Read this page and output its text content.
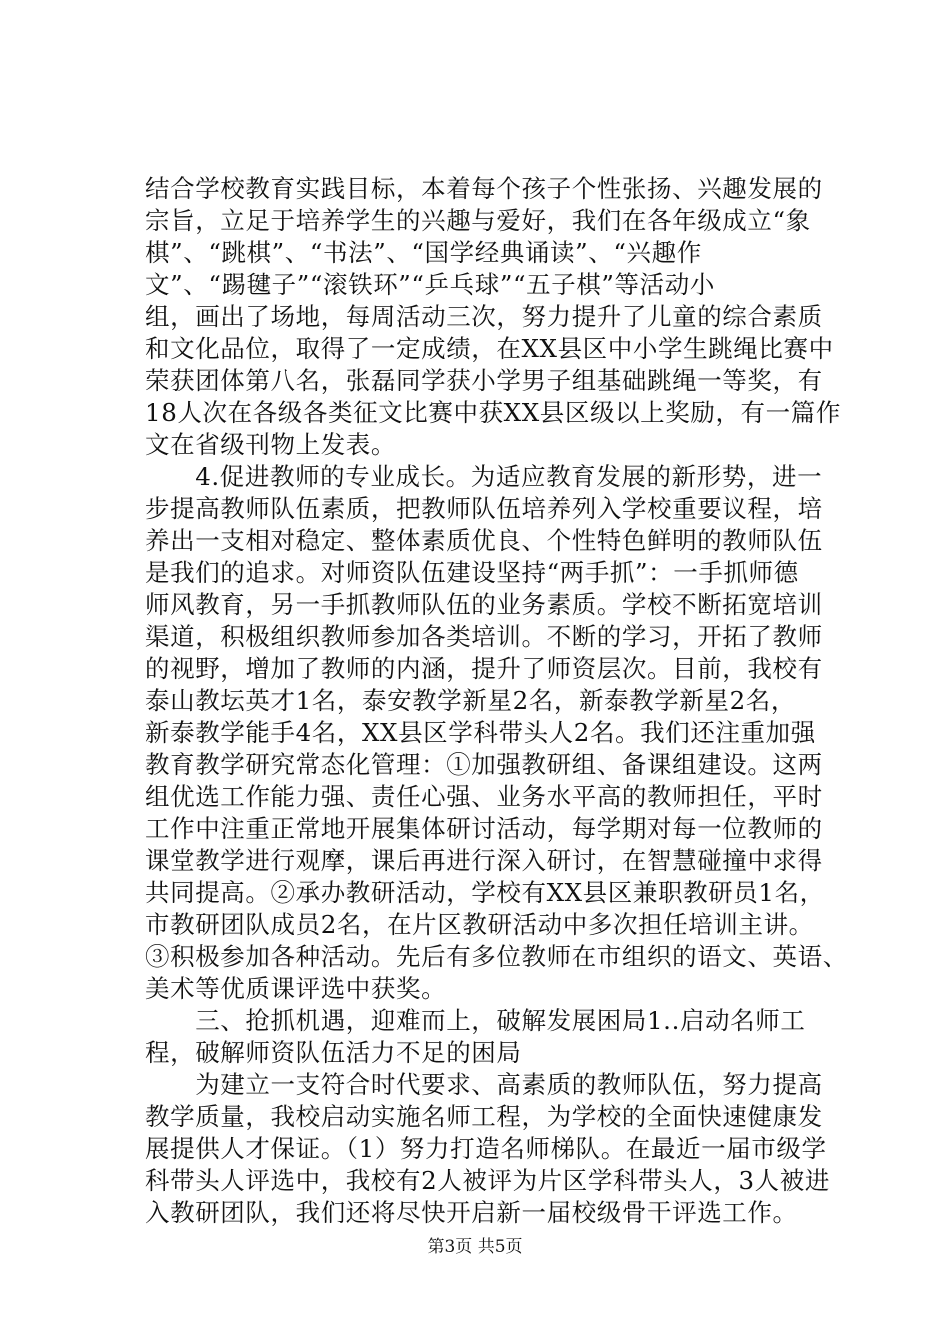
结合学校教育实践目标，本着每个孩子个性张扬、兴趣发展的
宗旨，立足于培养学生的兴趣与爱好，我们在各年级成立“象
棋”、“跳棋”、“书法”、“国学经典诵读”、“兴趣作
文”、“踢毽子”“滚铁环”“乒乓球”“五子棋”等活动小
组，画出了场地，每周活动三次，努力提升了儿童的综合素质
和文化品位，取得了一定成绩，在XX县区中小学生跳绳比赛中
荣获团体第八名，张磊同学获小学男子组基础跳绳一等奖，有
18人次在各级各类征文比赛中获XX县区级以上奖励，有一篇作
文在省级刊物上发表。
　　4.促进教师的专业成长。为适应教育发展的新形势，进一
步提高教师队伍素质，把教师队伍培养列入学校重要议程，培
养出一支相对稳定、整体素质优良、个性特色鲜明的教师队伍
是我们的追求。对师资队伍建设坚持“两手抓”：一手抓师德
师风教育，另一手抓教师队伍的业务素质。学校不断拓宽培训
渠道，积极组织教师参加各类培训。不断的学习，开拓了教师
的视野，增加了教师的内涵，提升了师资层次。目前，我校有
泰山教坛英才1名，泰安教学新星2名，新泰教学新星2名，
新泰教学能手4名，XX县区学科带头人2名。我们还注重加强
教育教学研究常态化管理：①加强教研组、备课组建设。这两
组优选工作能力强、责任心强、业务水平高的教师担任，平时
工作中注重正常地开展集体研讨活动，每学期对每一位教师的
课堂教学进行观摩，课后再进行深入研讨，在智慧碰撞中求得
共同提高。②承办教研活动，学校有XX县区兼职教研员1名，
市教研团队成员2名，在片区教研活动中多次担任培训主讲。
③积极参加各种活动。先后有多位教师在市组织的语文、英语、
美术等优质课评选中获奖。
　　三、抢抓机遇，迎难而上，破解发展困局1..启动名师工
程，破解师资队伍活力不足的困局
　　为建立一支符合时代要求、高素质的教师队伍，努力提高
教学质量，我校启动实施名师工程，为学校的全面快速健康发
展提供人才保证。（1）努力打造名师梯队。在最近一届市级学
科带头人评选中，我校有2人被评为片区学科带头人，3人被进
入教研团队，我们还将尽快开启新一届校级骨干评选工作。
第3页 共5页
